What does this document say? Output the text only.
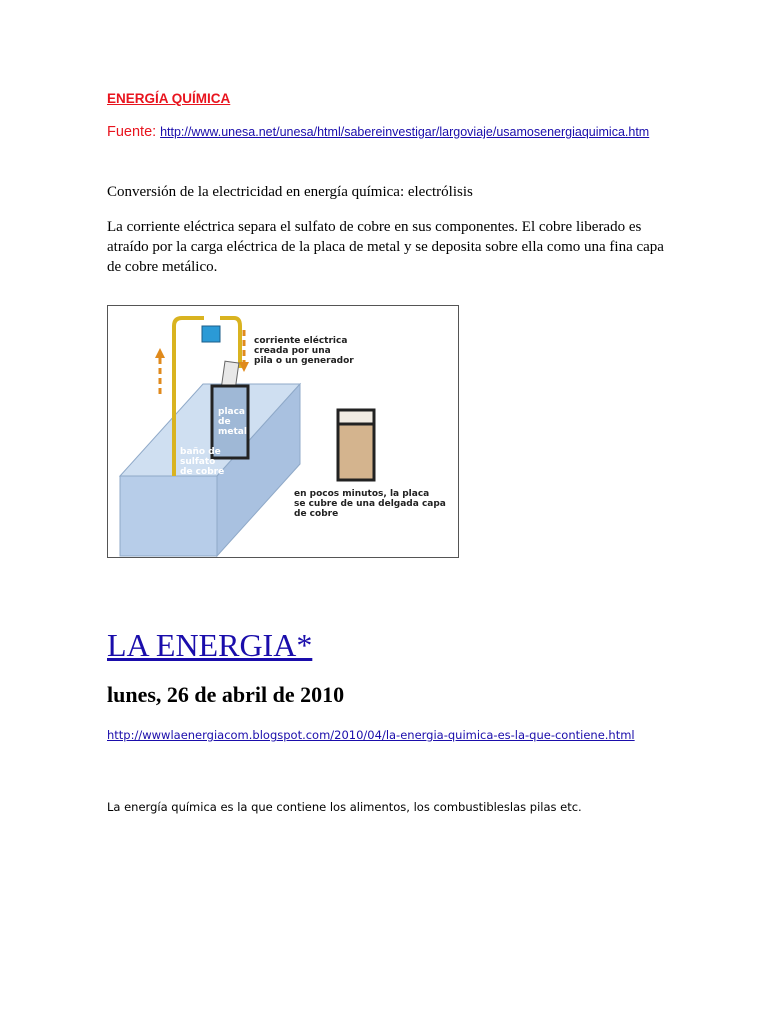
ENERGÍA QUÍMICA
Fuente: http://www.unesa.net/unesa/html/sabereinvestigar/largoviaje/usamosenergiaquimica.htm
Conversión de la electricidad en energía química: electrólisis
La corriente eléctrica separa el sulfato de cobre en sus componentes. El cobre liberado es atraído por la carga eléctrica de la placa de metal y se deposita sobre ella como una fina capa de cobre metálico.
corriente eléctrica
creada por una
pila o un generador
en pocos minutos, la placa
se cubre de una delgada capa
de cobre
placa
de
metal
baño de
sulfato
de cobre
LA ENERGIA*
lunes, 26 de abril de 2010
http://wwwlaenergiacom.blogspot.com/2010/04/la-energia-quimica-es-la-que-contiene.html
La energía química es la que contiene los alimentos, los combustibleslas pilas etc.
